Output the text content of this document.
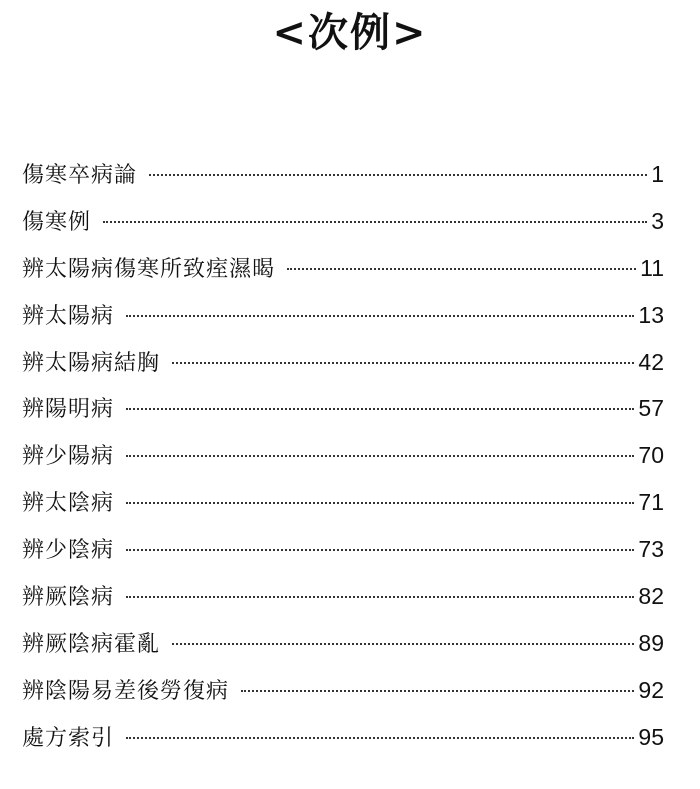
<次例>
傷寒卒病論	1
傷寒例	3
辨太陽病傷寒所致痓濕暍	11
辨太陽病	13
辨太陽病結胸	42
辨陽明病	57
辨少陽病	70
辨太陰病	71
辨少陰病	73
辨厥陰病	82
辨厥陰病霍亂	89
辨陰陽易差後勞復病	92
處方索引	95
